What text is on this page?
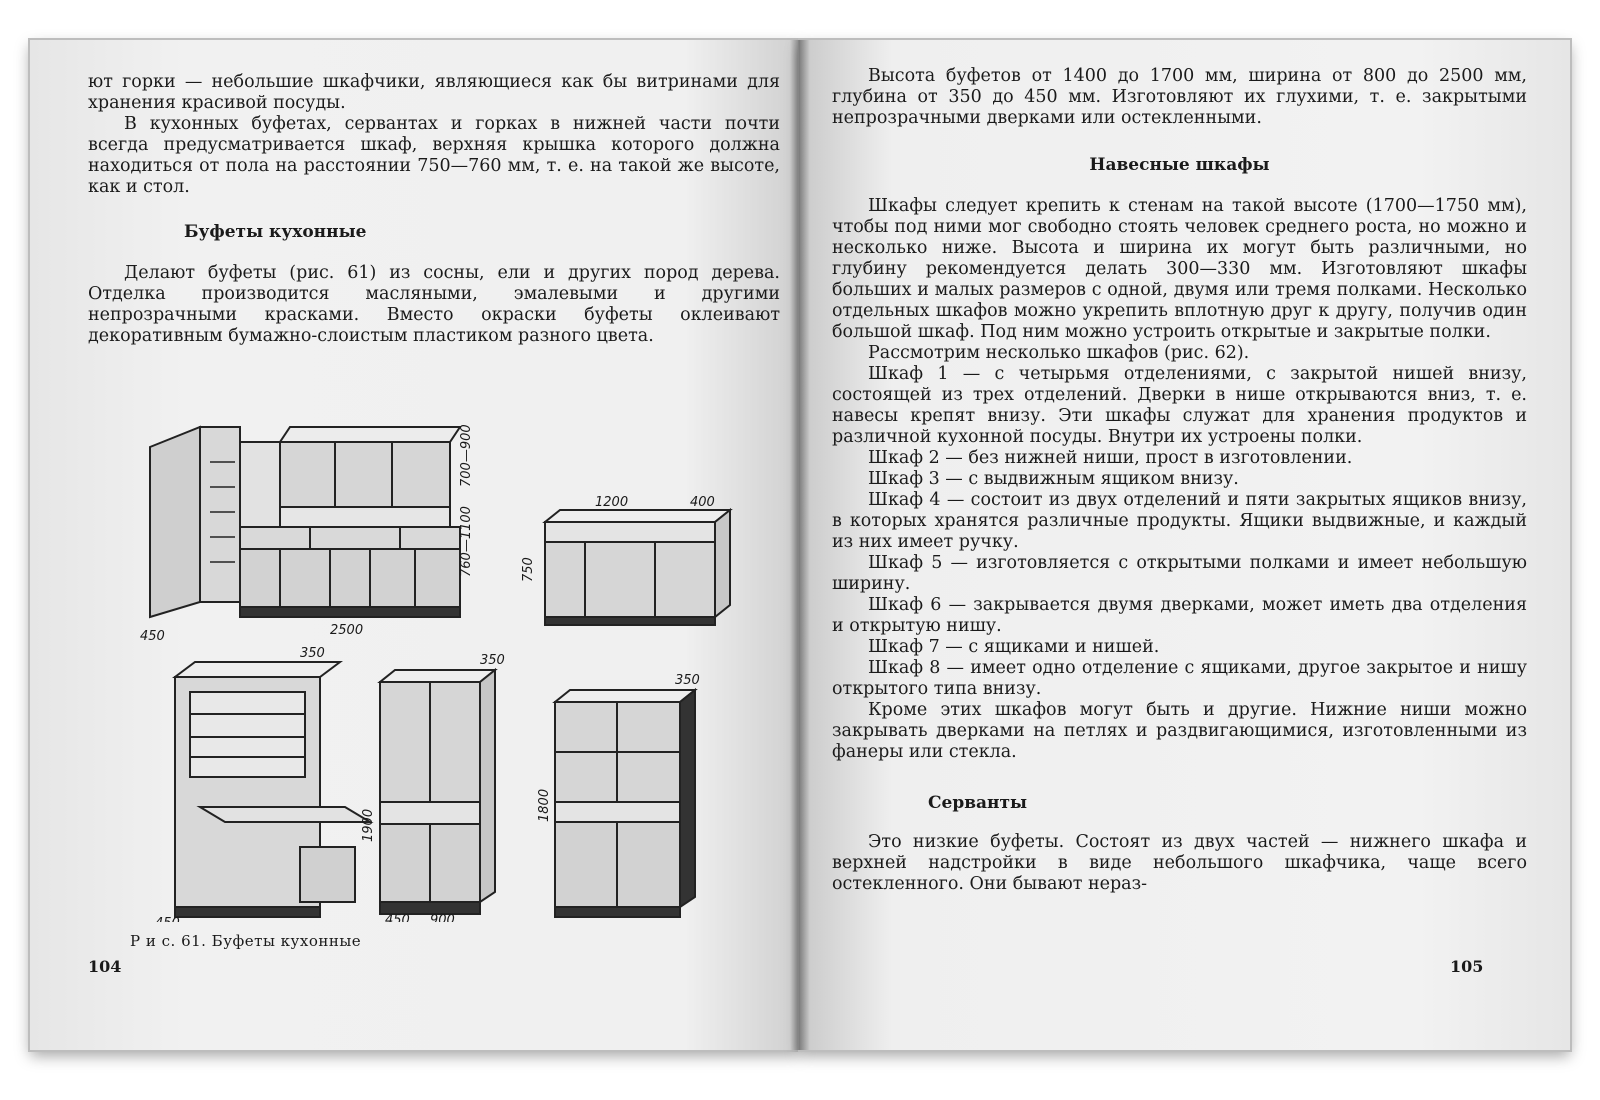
ют горки — небольшие шкафчики, являющиеся как бы витринами для хранения красивой посуды.

В кухонных буфетах, сервантах и горках в нижней части почти всегда предусматривается шкаф, верхняя крышка которого должна находиться от пола на расстоянии 750—760 мм, т. е. на такой же высоте, как и стол.

Буфеты кухонные

Делают буфеты (рис. 61) из сосны, ели и других пород дерева. Отделка производится масляными, эмалевыми и другими непрозрачными красками. Вместо окраски буфеты оклеивают декоративным бумажно-слоистым пластиком разного цвета.

450	2500
700—900
760—1100
1200	400
750
350	350
1900
450 900
350
1800
Р и с. 61. Буфеты кухонные
104

Высота буфетов от 1400 до 1700 мм, ширина от 800 до 2500 мм, глубина от 350 до 450 мм. Изготовляют их глухими, т. е. закрытыми непрозрачными дверками или остекленными.

Навесные шкафы

Шкафы следует крепить к стенам на такой высоте (1700—1750 мм), чтобы под ними мог свободно стоять человек среднего роста, но можно и несколько ниже. Высота и ширина их могут быть различными, но глубину рекомендуется делать 300—330 мм. Изготовляют шкафы больших и малых размеров с одной, двумя или тремя полками. Несколько отдельных шкафов можно укрепить вплотную друг к другу, получив один большой шкаф. Под ним можно устроить открытые и закрытые полки.

Рассмотрим несколько шкафов (рис. 62).

Шкаф 1 — с четырьмя отделениями, с закрытой нишей внизу, состоящей из трех отделений. Дверки в нише открываются вниз, т. е. навесы крепят внизу. Эти шкафы служат для хранения продуктов и различной кухонной посуды. Внутри их устроены полки.

Шкаф 2 — без нижней ниши, прост в изготовлении.

Шкаф 3 — с выдвижным ящиком внизу.

Шкаф 4 — состоит из двух отделений и пяти закрытых ящиков внизу, в которых хранятся различные продукты. Ящики выдвижные, и каждый из них имеет ручку.

Шкаф 5 — изготовляется с открытыми полками и имеет небольшую ширину.

Шкаф 6 — закрывается двумя дверками, может иметь два отделения и открытую нишу.

Шкаф 7 — с ящиками и нишей.

Шкаф 8 — имеет одно отделение с ящиками, другое закрытое и нишу открытого типа внизу.

Кроме этих шкафов могут быть и другие. Нижние ниши можно закрывать дверками на петлях и раздвигающимися, изготовленными из фанеры или стекла.

Серванты

Это низкие буфеты. Состоят из двух частей — нижнего шкафа и верхней надстройки в виде небольшого шкафчика, чаще всего остекленного. Они бывают нераз-

105
